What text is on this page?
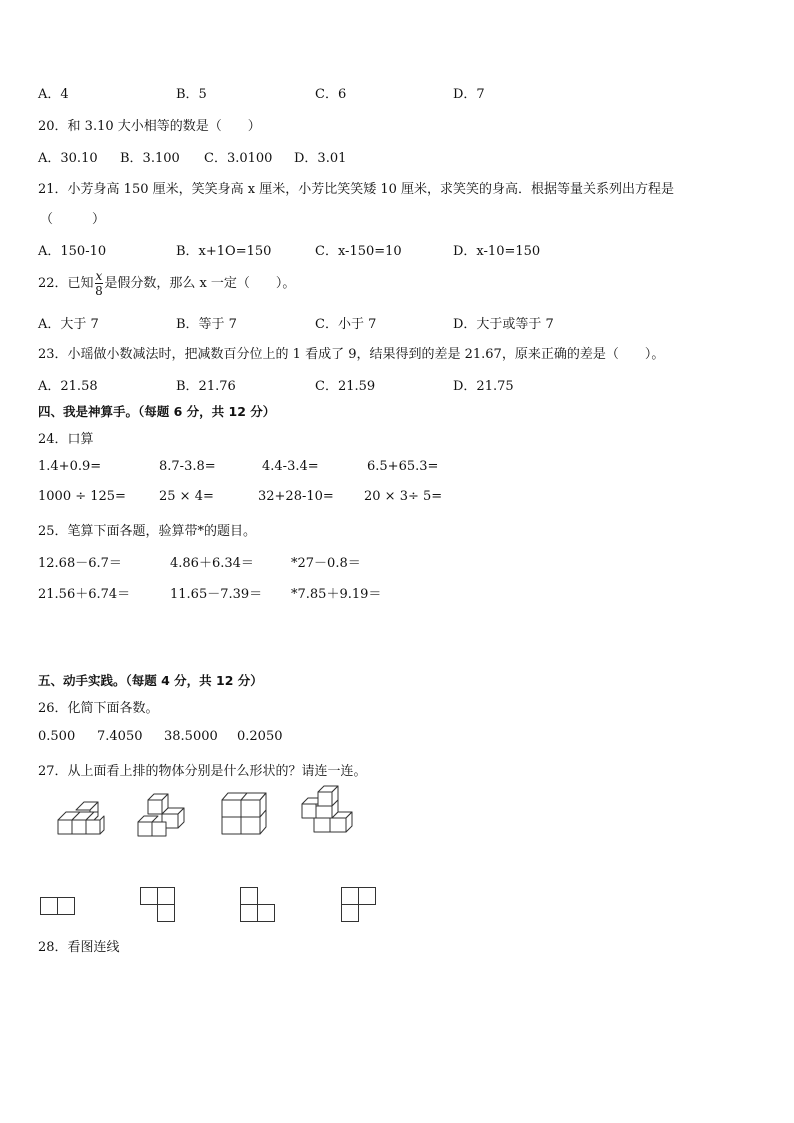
A．4	B．5	C．6	D．7
20．和 3.10 大小相等的数是（　　）
A．30.10 B．3.100 C．3.0100 D．3.01
21．小芳身高 150 厘米，笑笑身高 x 厘米，小芳比笑笑矮 10 厘米，求笑笑的身高．根据等量关系列出方程是
（　　　）
A．150-10	B．x+1O=150	C．x-150=10	D．x-10=150
22．已知 $\frac{x}{8}$ 是假分数，那么 x 一定（　　）。
A．大于 7	B．等于 7	C．小于 7	D．大于或等于 7
23．小瑶做小数减法时，把减数百分位上的 1 看成了 9，结果得到的差是 21.67，原来正确的差是（　　）。
A．21.58	B．21.76	C．21.59	D．21.75
四、我是神算手。（每题 6 分，共 12 分）
24．口算
1.4+0.9=	8.7-3.8=	4.4-3.4=	6.5+65.3=
1000 ÷ 125=	25 × 4=	32+28-10= 20 × 3÷ 5=
25．笔算下面各题，验算带*的题目。
12.68－6.7＝	4.86＋6.34＝	*27－0.8＝
21.56＋6.74＝	11.65－7.39＝ *7.85＋9.19＝
五、动手实践。（每题 4 分，共 12 分）
26．化简下面各数。
0.500 7.4050 38.5000 0.2050
27．从上面看上排的物体分别是什么形状的？请连一连。
28．看图连线
